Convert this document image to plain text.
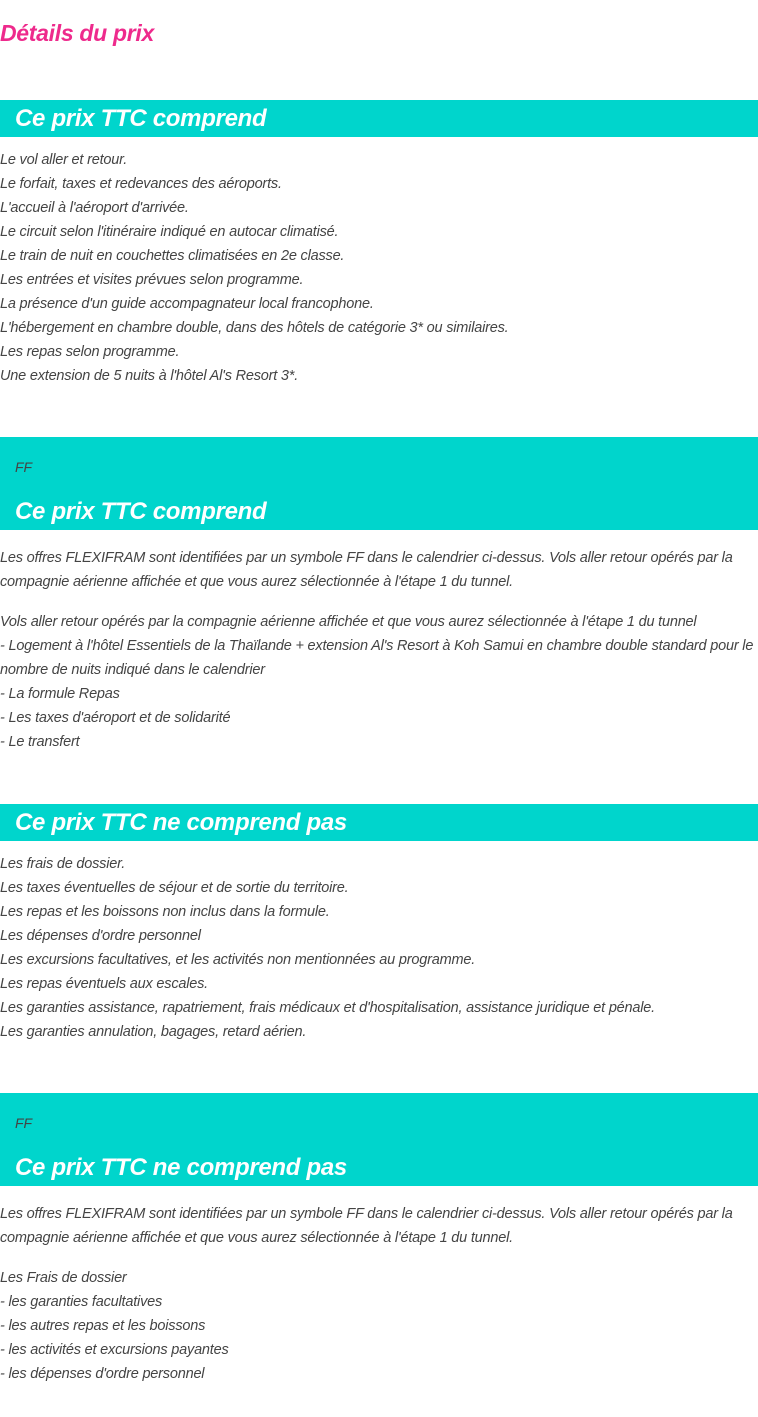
Détails du prix
Ce prix TTC comprend
Le vol aller et retour.
Le forfait, taxes et redevances des aéroports.
L'accueil à l'aéroport d'arrivée.
Le circuit selon l'itinéraire indiqué en autocar climatisé.
Le train de nuit en couchettes climatisées en 2e classe.
Les entrées et visites prévues selon programme.
La présence d'un guide accompagnateur local francophone.
L'hébergement en chambre double, dans des hôtels de catégorie 3* ou similaires.
Les repas selon programme.
Une extension de 5 nuits à l'hôtel Al's Resort 3*.
FF
Ce prix TTC comprend

Les offres FLEXIFRAM sont identifiées par un symbole FF dans le calendrier ci-dessus. Vols aller retour opérés par la compagnie aérienne affichée et que vous aurez sélectionnée à l'étape 1 du tunnel.

Vols aller retour opérés par la compagnie aérienne affichée et que vous aurez sélectionnée à l'étape 1 du tunnel
- Logement à l'hôtel Essentiels de la Thaïlande + extension Al's Resort à Koh Samui en chambre double standard pour le nombre de nuits indiqué dans le calendrier
- La formule Repas
- Les taxes d'aéroport et de solidarité
- Le transfert
Ce prix TTC ne comprend pas
Les frais de dossier.
Les taxes éventuelles de séjour et de sortie du territoire.
Les repas et les boissons non inclus dans la formule.
Les dépenses d'ordre personnel
Les excursions facultatives, et les activités non mentionnées au programme.
Les repas éventuels aux escales.
Les garanties assistance, rapatriement, frais médicaux et d'hospitalisation, assistance juridique et pénale.
Les garanties annulation, bagages, retard aérien.
FF
Ce prix TTC ne comprend pas

Les offres FLEXIFRAM sont identifiées par un symbole FF dans le calendrier ci-dessus. Vols aller retour opérés par la compagnie aérienne affichée et que vous aurez sélectionnée à l'étape 1 du tunnel.

Les Frais de dossier
- les garanties facultatives
- les autres repas et les boissons
- les activités et excursions payantes
- les dépenses d'ordre personnel
